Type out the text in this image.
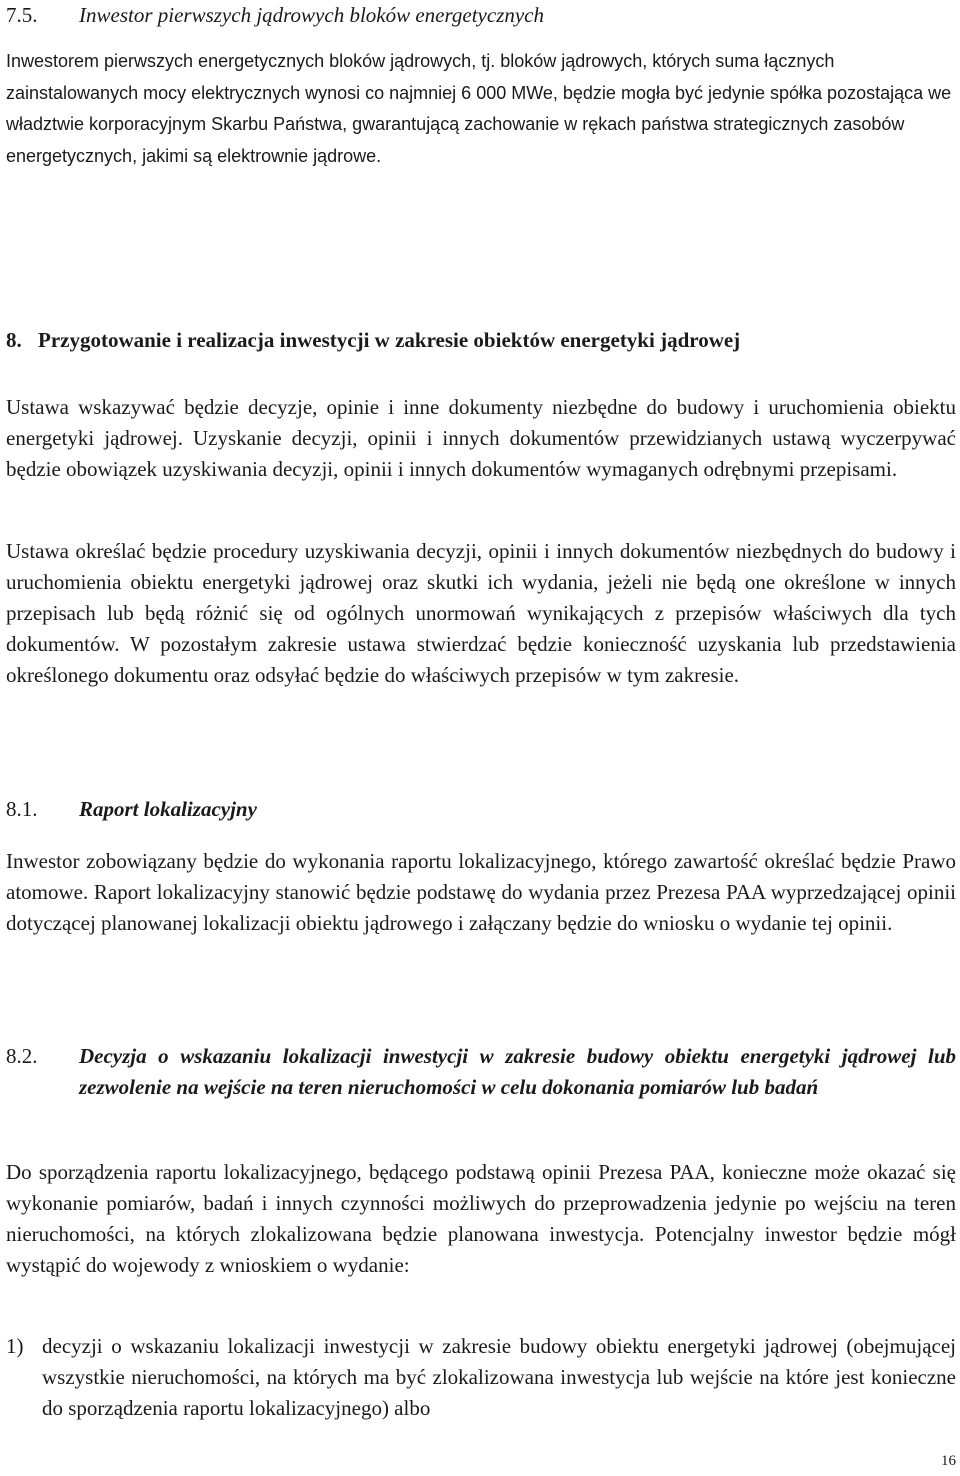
7.5. Inwestor pierwszych jądrowych bloków energetycznych
Inwestorem pierwszych energetycznych bloków jądrowych, tj. bloków jądrowych, których suma łącznych zainstalowanych mocy elektrycznych wynosi co najmniej 6 000 MWe, będzie mogła być jedynie spółka pozostająca we władztwie korporacyjnym Skarbu Państwa, gwarantującą zachowanie w rękach państwa strategicznych zasobów energetycznych, jakimi są elektrownie jądrowe.
8. Przygotowanie i realizacja inwestycji w zakresie obiektów energetyki jądrowej
Ustawa wskazywać będzie decyzje, opinie i inne dokumenty niezbędne do budowy i uruchomienia obiektu energetyki jądrowej. Uzyskanie decyzji, opinii i innych dokumentów przewidzianych ustawą wyczerpywać będzie obowiązek uzyskiwania decyzji, opinii i innych dokumentów wymaganych odrębnymi przepisami.
Ustawa określać będzie procedury uzyskiwania decyzji, opinii i innych dokumentów niezbędnych do budowy i uruchomienia obiektu energetyki jądrowej oraz skutki ich wydania, jeżeli nie będą one określone w innych przepisach lub będą różnić się od ogólnych unormowań wynikających z przepisów właściwych dla tych dokumentów. W pozostałym zakresie ustawa stwierdzać będzie konieczność uzyskania lub przedstawienia określonego dokumentu oraz odsyłać będzie do właściwych przepisów w tym zakresie.
8.1. Raport lokalizacyjny
Inwestor zobowiązany będzie do wykonania raportu lokalizacyjnego, którego zawartość określać będzie Prawo atomowe. Raport lokalizacyjny stanowić będzie podstawę do wydania przez Prezesa PAA wyprzedzającej opinii dotyczącej planowanej lokalizacji obiektu jądrowego i załączany będzie do wniosku o wydanie tej opinii.
8.2. Decyzja o wskazaniu lokalizacji inwestycji w zakresie budowy obiektu energetyki jądrowej lub zezwolenie na wejście na teren nieruchomości w celu dokonania pomiarów lub badań
Do sporządzenia raportu lokalizacyjnego, będącego podstawą opinii Prezesa PAA, konieczne może okazać się wykonanie pomiarów, badań i innych czynności możliwych do przeprowadzenia jedynie po wejściu na teren nieruchomości, na których zlokalizowana będzie planowana inwestycja. Potencjalny inwestor będzie mógł wystąpić do wojewody z wnioskiem o wydanie:
1) decyzji o wskazaniu lokalizacji inwestycji w zakresie budowy obiektu energetyki jądrowej (obejmującej wszystkie nieruchomości, na których ma być zlokalizowana inwestycja lub wejście na które jest konieczne do sporządzenia raportu lokalizacyjnego) albo
16
